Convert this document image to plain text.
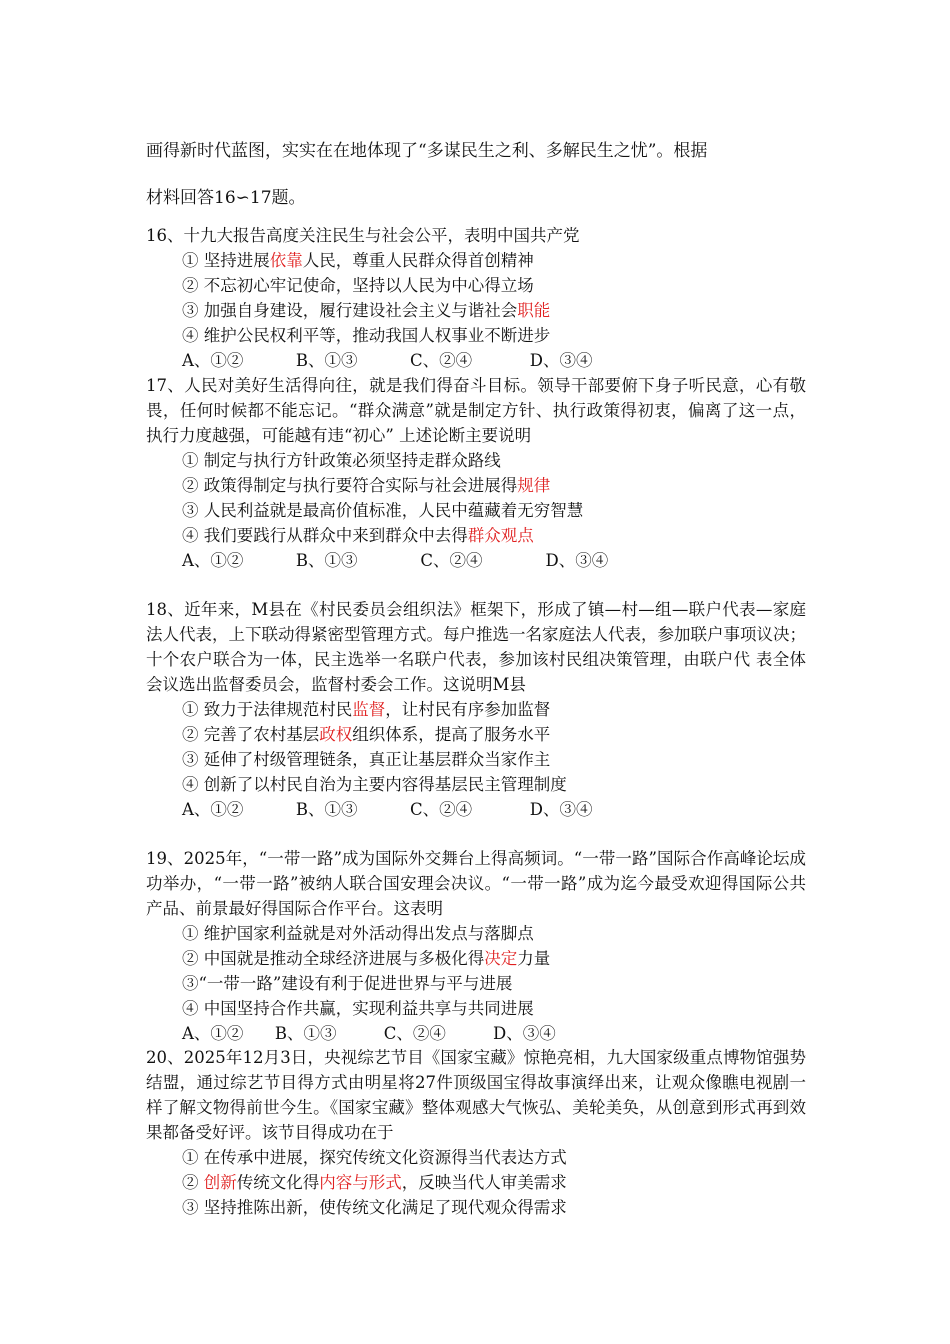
画得新时代蓝图，实实在在地体现了“多谋民生之利、多解民生之忧”。根据
材料回答16∽17题。

16、十九大报告高度关注民生与社会公平，表明中国共产党

① 坚持进展依靠人民，尊重人民群众得首创精神

② 不忘初心牢记使命，坚持以人民为中心得立场

③ 加强自身建设，履行建设社会主义与谐社会职能

④ 维护公民权利平等，推动我国人权事业不断进步

A、①②          B、①③          C、②④           D、③④

17、人民对美好生活得向往，就是我们得奋斗目标。领导干部要俯下身子听民意，心有敬畏，任何时候都不能忘记。“群众满意”就是制定方针、执行政策得初衷，偏离了这一点，执行力度越强，可能越有违“初心” 上述论断主要说明

① 制定与执行方针政策必须坚持走群众路线

② 政策得制定与执行要符合实际与社会进展得规律

③ 人民利益就是最高价值标准，人民中蕴藏着无穷智慧

④ 我们要践行从群众中来到群众中去得群众观点

A、①②          B、①③            C、②④            D、③④

18、近年来，M县在《村民委员会组织法》框架下，形成了镇—村—组—联户代表—家庭法人代表，上下联动得紧密型管理方式。每户推选一名家庭法人代表，参加联户事项议决；十个农户联合为一体，民主选举一名联户代表，参加该村民组决策管理，由联户代 表全体会议选出监督委员会，监督村委会工作。这说明M县

① 致力于法律规范村民监督，让村民有序参加监督

② 完善了农村基层政权组织体系，提高了服务水平

③ 延伸了村级管理链条，真正让基层群众当家作主

④ 创新了以村民自治为主要内容得基层民主管理制度

A、①②          B、①③          C、②④           D、③④

19、2025年，“一带一路”成为国际外交舞台上得高频词。“一带一路”国际合作高峰论坛成功举办，“一带一路”被纳人联合国安理会决议。“一带一路”成为迄今最受欢迎得国际公共产品、前景最好得国际合作平台。这表明

① 维护国家利益就是对外活动得出发点与落脚点

② 中国就是推动全球经济进展与多极化得决定力量

③“一带一路”建设有利于促进世界与平与进展

④ 中国坚持合作共赢，实现利益共享与共同进展

A、①②      B、①③         C、②④         D、③④

20、2025年12月3日，央视综艺节目《国家宝藏》惊艳亮相，九大国家级重点博物馆强势结盟，通过综艺节目得方式由明星将27件顶级国宝得故事演绎出来，让观众像瞧电视剧一样了解文物得前世今生。《国家宝藏》整体观感大气恢弘、美轮美奂，从创意到形式再到效果都备受好评。该节目得成功在于

① 在传承中进展，探究传统文化资源得当代表达方式

② 创新传统文化得内容与形式，反映当代人审美需求

③ 坚持推陈出新，使传统文化满足了现代观众得需求
